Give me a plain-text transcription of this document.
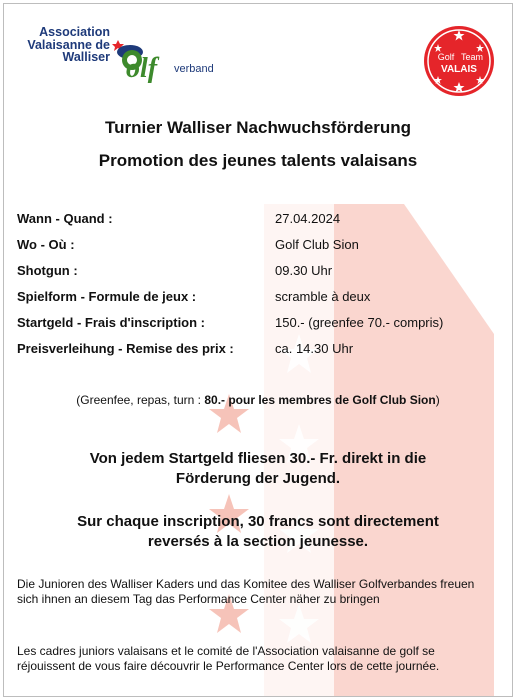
Association
Valaisanne de
Walliser olf verband
Golf Team
VALAIS
Turnier Walliser Nachwuchsförderung
Promotion des jeunes talents valaisans
Wann - Quand :	27.04.2024
Wo - Où :	Golf Club Sion
Shotgun :	09.30 Uhr
Spielform - Formule de jeux :	scramble à deux
Startgeld - Frais d'inscription :	150.- (greenfee 70.- compris)
Preisverleihung - Remise des prix :	ca. 14.30 Uhr
(Greenfee, repas, turn : 80.- pour les membres de Golf Club Sion)
Von jedem Startgeld fliesen 30.- Fr. direkt in die
Förderung der Jugend.
Sur chaque inscription, 30 francs sont directement
reversés à la section jeunesse.
Die Junioren des Walliser Kaders und das Komitee des Walliser Golfverbandes freuen sich ihnen an diesem Tag das Performance Center näher zu bringen
Les cadres juniors valaisans et le comité de l'Association valaisanne de golf se réjouissent de vous faire découvrir le Performance Center lors de cette journée.
